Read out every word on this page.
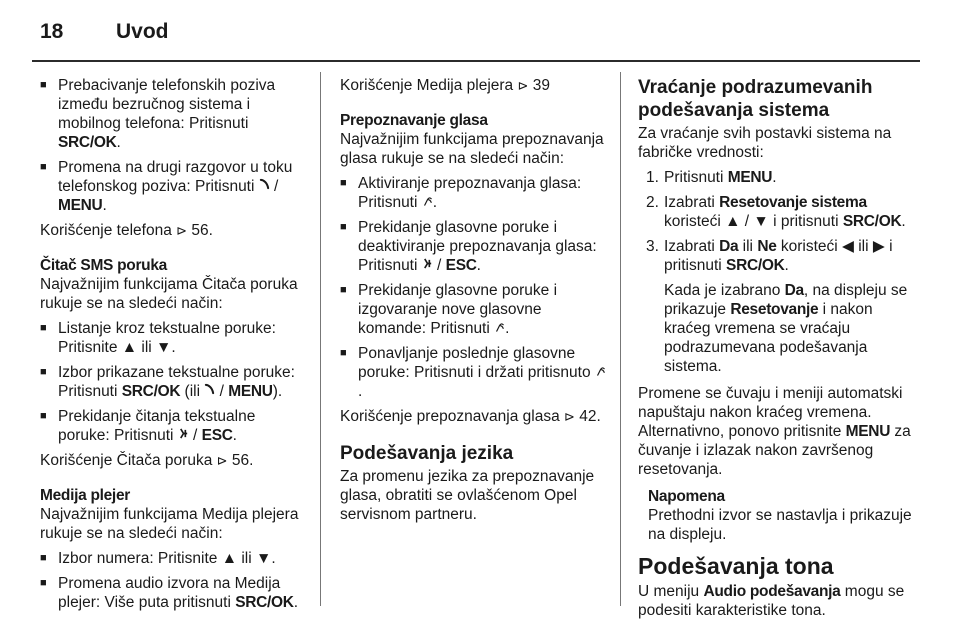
18	Uvod
■ Prebacivanje telefonskih poziva između bezručnog sistema i mobilnog telefona: Pritisnuti SRC/OK.
■ Promena na drugi razgovor u toku telefonskog poziva: Pritisnuti  / MENU.

Korišćenje telefona ⊳ 56.

Čitač SMS poruka

Najvažnijim funkcijama Čitača poruka rukuje se na sledeći način:

■ Listanje kroz tekstualne poruke: Pritisnite ▲ ili ▼.
■ Izbor prikazane tekstualne poruke: Pritisnuti SRC/OK (ili  / MENU).
■ Prekidanje čitanja tekstualne poruke: Pritisnuti  / ESC.

Korišćenje Čitača poruka ⊳ 56.

Medija plejer

Najvažnijim funkcijama Medija plejera rukuje se na sledeći način:

■ Izbor numera: Pritisnite ▲ ili ▼.
■ Promena audio izvora na Medija plejer: Više puta pritisnuti SRC/OK.

Korišćenje Medija plejera ⊳ 39

Prepoznavanje glasa

Najvažnijim funkcijama prepoznavanja glasa rukuje se na sledeći način:

■ Aktiviranje prepoznavanja glasa: Pritisnuti .
■ Prekidanje glasovne poruke i deaktiviranje prepoznavanja glasa: Pritisnuti  / ESC.
■ Prekidanje glasovne poruke i izgovaranje nove glasovne komande: Pritisnuti .
■ Ponavljanje poslednje glasovne poruke: Pritisnuti i držati pritisnuto .

Korišćenje prepoznavanja glasa ⊳ 42.

Podešavanja jezika

Za promenu jezika za prepoznavanje glasa, obratiti se ovlašćenom Opel servisnom partneru.

Vraćanje podrazumevanih podešavanja sistema

Za vraćanje svih postavki sistema na fabričke vrednosti:

1. Pritisnuti MENU.
2. Izabrati Resetovanje sistema koristeći ▲ / ▼ i pritisnuti SRC/OK.
3. Izabrati Da ili Ne koristeći ◀ ili ▶ i pritisnuti SRC/OK.

Kada je izabrano Da, na displeju se prikazuje Resetovanje i nakon kraćeg vremena se vraćaju podrazumevana podešavanja sistema.

Promene se čuvaju i meniji automatski napuštaju nakon kraćeg vremena. Alternativno, ponovo pritisnite MENU za čuvanje i izlazak nakon završenog resetovanja.

Napomena

Prethodni izvor se nastavlja i prikazuje na displeju.

Podešavanja tona

U meniju Audio podešavanja mogu se podesiti karakteristike tona.
